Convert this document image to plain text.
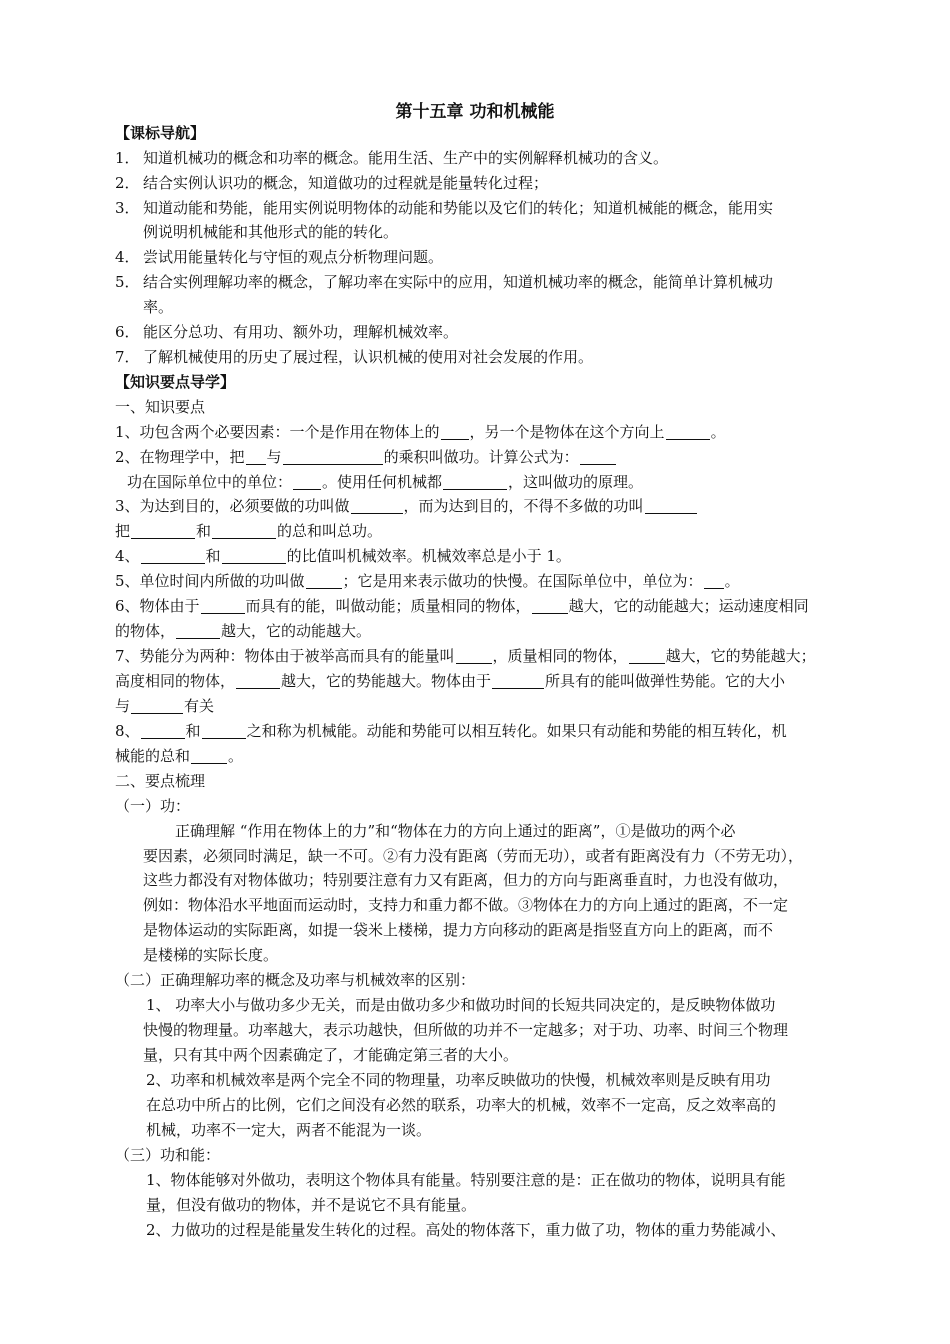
第十五章 功和机械能
【课标导航】
1． 知道机械功的概念和功率的概念。能用生活、生产中的实例解释机械功的含义。
2． 结合实例认识功的概念，知道做功的过程就是能量转化过程；
3． 知道动能和势能，能用实例说明物体的动能和势能以及它们的转化；知道机械能的概念，能用实
例说明机械能和其他形式的能的转化。
4． 尝试用能量转化与守恒的观点分析物理问题。
5． 结合实例理解功率的概念，了解功率在实际中的应用，知道机械功率的概念，能简单计算机械功
率。
6． 能区分总功、有用功、额外功，理解机械效率。
7． 了解机械使用的历史了展过程，认识机械的使用对社会发展的作用。
【知识要点导学】
一、知识要点
1、功包含两个必要因素：一个是作用在物体上的 ，另一个是物体在这个方向上	。
2、在物理学中，把 与	的乘积叫做功。计算公式为：
功在国际单位中的单位： 。使用任何机械都	，这叫做功的原理。
3、为达到目的，必须要做的功叫做	，而为达到目的，不得不多做的功叫
把	和	的总和叫总功。
4、	和	的比值叫机械效率。机械效率总是小于 1。
5、单位时间内所做的功叫做	；它是用来表示做功的快慢。在国际单位中，单位为： 。
6、物体由于	而具有的能，叫做动能；质量相同的物体，	越大，它的动能越大；运动速度相同
的物体，	越大，它的动能越大。
7、势能分为两种：物体由于被举高而具有的能量叫	，质量相同的物体，	越大，它的势能越大；
高度相同的物体，	越大，它的势能越大。物体由于	所具有的能叫做弹性势能。它的大小
与	有关
8、	和	之和称为机械能。动能和势能可以相互转化。如果只有动能和势能的相互转化，机
械能的总和	。
二、要点梳理
（一）功：
正确理解 “作用在物体上的力”和“物体在力的方向上通过的距离”，①是做功的两个必
要因素，必须同时满足，缺一不可。②有力没有距离（劳而无功），或者有距离没有力（不劳无功），
这些力都没有对物体做功；特别要注意有力又有距离，但力的方向与距离垂直时，力也没有做功，
例如：物体沿水平地面而运动时，支持力和重力都不做。③物体在力的方向上通过的距离，不一定
是物体运动的实际距离，如提一袋米上楼梯，提力方向移动的距离是指竖直方向上的距离，而不
是楼梯的实际长度。
（二）正确理解功率的概念及功率与机械效率的区别：
1、 功率大小与做功多少无关，而是由做功多少和做功时间的长短共同决定的，是反映物体做功
快慢的物理量。功率越大，表示功越快，但所做的功并不一定越多；对于功、功率、时间三个物理
量，只有其中两个因素确定了，才能确定第三者的大小。
2、功率和机械效率是两个完全不同的物理量，功率反映做功的快慢，机械效率则是反映有用功
在总功中所占的比例，它们之间没有必然的联系，功率大的机械，效率不一定高，反之效率高的
机械，功率不一定大，两者不能混为一谈。
（三）功和能：
1、物体能够对外做功，表明这个物体具有能量。特别要注意的是：正在做功的物体，说明具有能
量，但没有做功的物体，并不是说它不具有能量。
2、力做功的过程是能量发生转化的过程。高处的物体落下，重力做了功，物体的重力势能减小、
